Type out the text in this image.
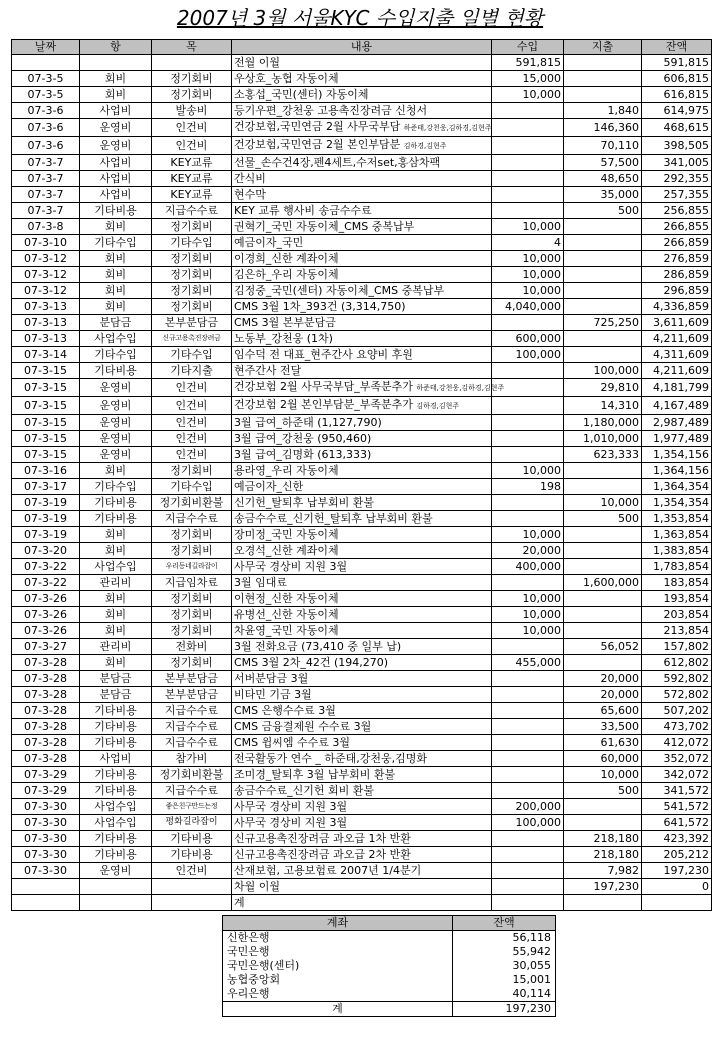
2007년 3월 서울KYC 수입지출 일별 현황
날짜	항	목	내용	수입	지출	잔액
			전월 이월	591,815		591,815
07-3-5	회비	정기회비	우상호_농협 자동이체	15,000		606,815
07-3-5	회비	정기회비	소홍섭_국민(센터) 자동이체	10,000		616,815
07-3-6	사업비	발송비	등기우편_강천웅 고용촉진장려금 신청서		1,840	614,975
07-3-6	운영비	인건비	건강보험,국민연금 2월 사무국부담 하준태,강천웅,김하경,김현주		146,360	468,615
07-3-6	운영비	인건비	건강보험,국민연금 2월 본인부담분 김하경,김현주		70,110	398,505
07-3-7	사업비	KEY교류	선물_손수건4장,펜4세트,수저set,홍삼차팩		57,500	341,005
07-3-7	사업비	KEY교류	간식비		48,650	292,355
07-3-7	사업비	KEY교류	현수막		35,000	257,355
07-3-7	기타비용	지급수수료	KEY 교류 행사비 송금수수료		500	256,855
07-3-8	회비	정기회비	권혁기_국민 자동이체_CMS 중복납부	10,000		266,855
07-3-10	기타수입	기타수입	예금이자_국민	4		266,859
07-3-12	회비	정기회비	이경희_신한 계좌이체	10,000		276,859
07-3-12	회비	정기회비	김은하_우리 자동이체	10,000		286,859
07-3-12	회비	정기회비	김정중_국민(센터) 자동이체_CMS 중복납부	10,000		296,859
07-3-13	회비	정기회비	CMS 3월 1차_393건 (3,314,750)	4,040,000		4,336,859
07-3-13	분담금	본부분담금	CMS 3월 본부분담금		725,250	3,611,609
07-3-13	사업수입	신규고용촉진장려금	노동부_강천웅 (1차)	600,000		4,211,609
07-3-14	기타수입	기타수입	임수덕 전 대표_현주간사 요양비 후원	100,000		4,311,609
07-3-15	기타비용	기타지출	현주간사 전달		100,000	4,211,609
07-3-15	운영비	인건비	건강보험 2월 사무국부담_부족분추가 하준태,강천웅,김하경,김현주		29,810	4,181,799
07-3-15	운영비	인건비	건강보험 2월 본인부담분_부족분추가 김하경,김현주		14,310	4,167,489
07-3-15	운영비	인건비	3월 급여_하준태 (1,127,790)		1,180,000	2,987,489
07-3-15	운영비	인건비	3월 급여_강천웅 (950,460)		1,010,000	1,977,489
07-3-15	운영비	인건비	3월 급여_김명화 (613,333)		623,333	1,354,156
07-3-16	회비	정기회비	용라영_우리 자동이체	10,000		1,364,156
07-3-17	기타수입	기타수입	예금이자_신한	198		1,364,354
07-3-19	기타비용	정기회비환불	신기헌_탈퇴후 납부회비 환불		10,000	1,354,354
07-3-19	기타비용	지급수수료	송금수수료_신기헌_탈퇴후 납부회비 환불		500	1,353,854
07-3-19	회비	정기회비	장미정_국민 자동이체	10,000		1,363,854
07-3-20	회비	정기회비	오경석_신한 계좌이체	20,000		1,383,854
07-3-22	사업수입	우리동네길라잡이	사무국 경상비 지원 3월	400,000		1,783,854
07-3-22	관리비	지급임차료	3월 임대료		1,600,000	183,854
07-3-26	회비	정기회비	이현정_신한 자동이체	10,000		193,854
07-3-26	회비	정기회비	유병선_신한 자동이체	10,000		203,854
07-3-26	회비	정기회비	차윤영_국민 자동이체	10,000		213,854
07-3-27	관리비	전화비	3월 전화요금 (73,410 중 일부 납)		56,052	157,802
07-3-28	회비	정기회비	CMS 3월 2차_42건 (194,270)	455,000		612,802
07-3-28	분담금	본부분담금	서버분담금 3월		20,000	592,802
07-3-28	분담금	본부분담금	비타민 기금 3월		20,000	572,802
07-3-28	기타비용	지급수수료	CMS 은행수수료 3월		65,600	507,202
07-3-28	기타비용	지급수수료	CMS 금융결제원 수수료 3월		33,500	473,702
07-3-28	기타비용	지급수수료	CMS 윕씨엠 수수료 3월		61,630	412,072
07-3-28	사업비	참가비	전국활동가 연수 _ 하준태,강천웅,김명화		60,000	352,072
07-3-29	기타비용	정기회비환불	조미경_탈퇴후 3월 납부회비 환불		10,000	342,072
07-3-29	기타비용	지급수수료	송금수수료_신기헌 회비 환불		500	341,572
07-3-30	사업수입	좋은친구만드는정	사무국 경상비 지원 3월	200,000		541,572
07-3-30	사업수입	평화길라잡이	사무국 경상비 지원 3월	100,000		641,572
07-3-30	기타비용	기타비용	신규고용촉진장려금 과오급 1차 반환		218,180	423,392
07-3-30	기타비용	기타비용	신규고용촉진장려금 과오급 2차 반환		218,180	205,212
07-3-30	운영비	인건비	산재보험, 고용보험료 2007년 1/4분기		7,982	197,230
			차월 이월		197,230	0
			계			
계좌	잔액
신한은행	56,118
국민은행	55,942
국민은행(센터)	30,055
농협중앙회	15,001
우리은행	40,114
계	197,230
